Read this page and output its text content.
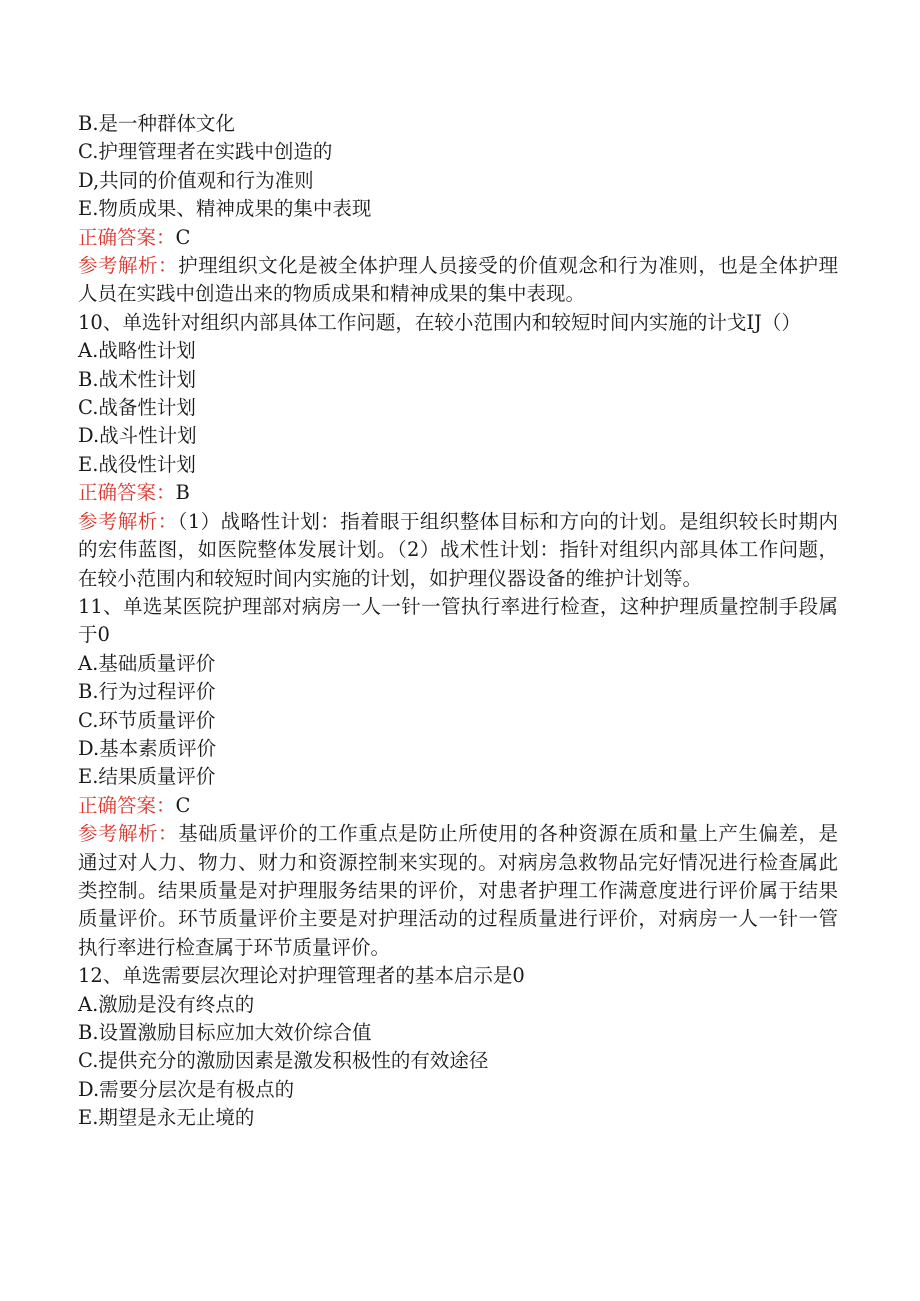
B.是一种群体文化
C.护理管理者在实践中创造的
D,共同的价值观和行为准则
E.物质成果、精神成果的集中表现
正确答案：C
参考解析：护理组织文化是被全体护理人员接受的价值观念和行为准则，也是全体护理人员在实践中创造出来的物质成果和精神成果的集中表现。
10、单选针对组织内部具体工作问题，在较小范围内和较短时间内实施的计戈IJ（）
A.战略性计划
B.战术性计划
C.战备性计划
D.战斗性计划
E.战役性计划
正确答案：B
参考解析：（1）战略性计划：指着眼于组织整体目标和方向的计划。是组织较长时期内的宏伟蓝图，如医院整体发展计划。（2）战术性计划：指针对组织内部具体工作问题，在较小范围内和较短时间内实施的计划，如护理仪器设备的维护计划等。
11、单选某医院护理部对病房一人一针一管执行率进行检查，这种护理质量控制手段属于0
A.基础质量评价
B.行为过程评价
C.环节质量评价
D.基本素质评价
E.结果质量评价
正确答案：C
参考解析：基础质量评价的工作重点是防止所使用的各种资源在质和量上产生偏差，是通过对人力、物力、财力和资源控制来实现的。对病房急救物品完好情况进行检查属此类控制。结果质量是对护理服务结果的评价，对患者护理工作满意度进行评价属于结果质量评价。环节质量评价主要是对护理活动的过程质量进行评价，对病房一人一针一管执行率进行检查属于环节质量评价。
12、单选需要层次理论对护理管理者的基本启示是0
A.激励是没有终点的
B.设置激励目标应加大效价综合值
C.提供充分的激励因素是激发积极性的有效途径
D.需要分层次是有极点的
E.期望是永无止境的
